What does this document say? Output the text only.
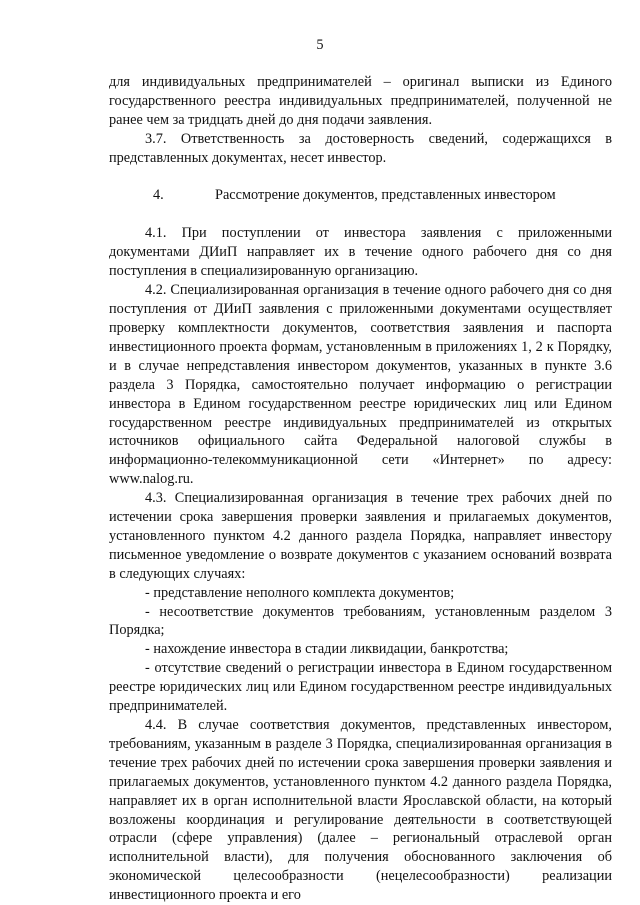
5

для индивидуальных предпринимателей – оригинал выписки из Единого государственного реестра индивидуальных предпринимателей, полученной не ранее чем за тридцать дней до дня подачи заявления.

3.7. Ответственность за достоверность сведений, содержащихся в представленных документах, несет инвестор.

4.	Рассмотрение документов, представленных инвестором

4.1. При поступлении от инвестора заявления с приложенными документами ДИиП направляет их в течение одного рабочего дня со дня поступления в специализированную организацию.

4.2. Специализированная организация в течение одного рабочего дня со дня поступления от ДИиП заявления с приложенными документами осуществляет проверку комплектности документов, соответствия заявления и паспорта инвестиционного проекта формам, установленным в приложениях 1, 2 к Порядку, и в случае непредставления инвестором документов, указанных в пункте 3.6 раздела 3 Порядка, самостоятельно получает информацию о регистрации инвестора в Едином государственном реестре юридических лиц или Едином государственном реестре индивидуальных предпринимателей из открытых источников официального сайта Федеральной налоговой службы в информационно-телекоммуникационной сети «Интернет» по адресу: www.nalog.ru.

4.3. Специализированная организация в течение трех рабочих дней по истечении срока завершения проверки заявления и прилагаемых документов, установленного пунктом 4.2 данного раздела Порядка, направляет инвестору письменное уведомление о возврате документов с указанием оснований возврата в следующих случаях:

- представление неполного комплекта документов;

- несоответствие документов требованиям, установленным разделом 3 Порядка;

- нахождение инвестора в стадии ликвидации, банкротства;

- отсутствие сведений о регистрации инвестора в Едином государственном реестре юридических лиц или Едином государственном реестре индивидуальных предпринимателей.

4.4. В случае соответствия документов, представленных инвестором, требованиям, указанным в разделе 3 Порядка, специализированная организация в течение трех рабочих дней по истечении срока завершения проверки заявления и прилагаемых документов, установленного пунктом 4.2 данного раздела Порядка, направляет их в орган исполнительной власти Ярославской области, на который возложены координация и регулирование деятельности в соответствующей отрасли (сфере управления) (далее – региональный отраслевой орган исполнительной власти), для получения обоснованного заключения об экономической целесообразности (нецелесообразности) реализации инвестиционного проекта и его
